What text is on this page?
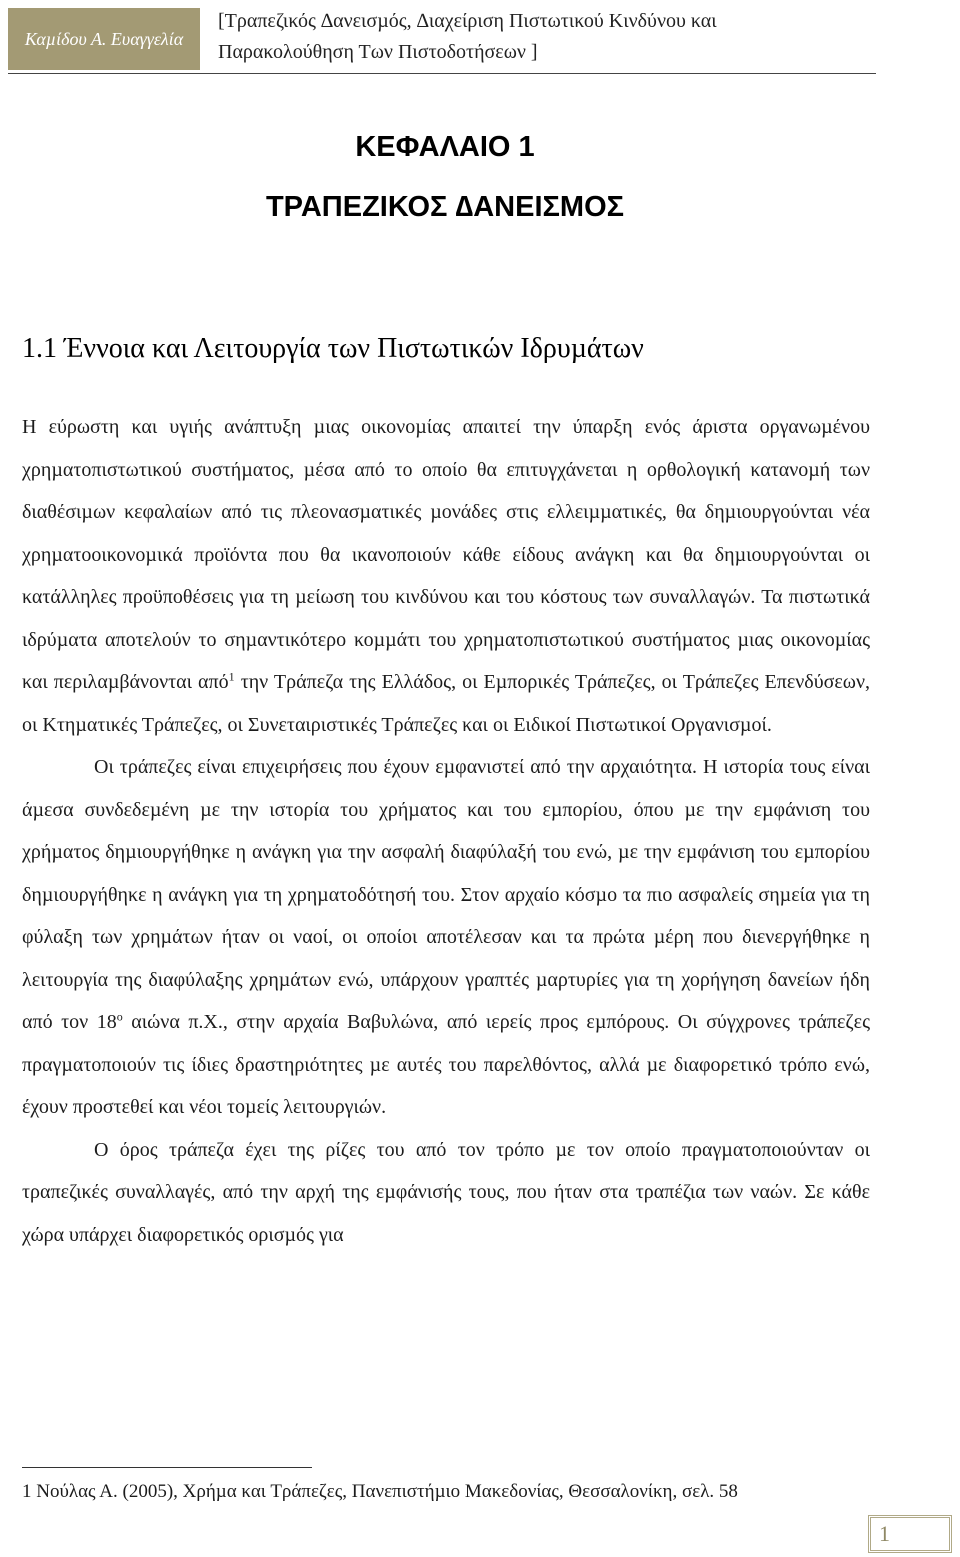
Καµίδου Α. Ευαγγελία
[Τραπεζικός ∆ανεισµός, ∆ιαχείριση Πιστωτικού Κινδύνου και
Παρακολούθηση Των Πιστοδοτήσεων ]
ΚΕΦΑΛΑΙΟ 1
ΤΡΑΠΕΖΙΚΟΣ ∆ΑΝΕΙΣΜΟΣ
1.1 Έννοια και Λειτουργία των Πιστωτικών Ιδρυµάτων

Η εύρωστη και υγιής ανάπτυξη µιας οικονοµίας απαιτεί την ύπαρξη ενός άριστα οργανωµένου χρηµατοπιστωτικού συστήµατος, µέσα από το οποίο θα επιτυγχάνεται η ορθολογική κατανοµή των διαθέσιµων κεφαλαίων από τις πλεονασµατικές µονάδες στις ελλειµµατικές, θα δηµιουργούνται νέα χρηµατοοικονοµικά προϊόντα που θα ικανοποιούν κάθε είδους ανάγκη και θα δηµιουργούνται οι κατάλληλες προϋποθέσεις για τη µείωση του κινδύνου και του κόστους των συναλλαγών. Τα πιστωτικά ιδρύµατα αποτελούν το σηµαντικότερο κοµµάτι του χρηµατοπιστωτικού συστήµατος µιας οικονοµίας και περιλαµβάνονται από$^1$ την Τράπεζα της Ελλάδος, οι Εµπορικές Τράπεζες, οι Τράπεζες Επενδύσεων, οι Κτηµατικές Τράπεζες, οι Συνεταιριστικές Τράπεζες και οι Ειδικοί Πιστωτικοί Οργανισµοί.

Οι τράπεζες είναι επιχειρήσεις που έχουν εµφανιστεί από την αρχαιότητα. Η ιστορία τους είναι άµεσα συνδεδεµένη µε την ιστορία του χρήµατος και του εµπορίου, όπου µε την εµφάνιση του χρήµατος δηµιουργήθηκε η ανάγκη για την ασφαλή διαφύλαξή του ενώ, µε την εµφάνιση του εµπορίου δηµιουργήθηκε η ανάγκη για τη χρηµατοδότησή του. Στον αρχαίο κόσµο τα πιο ασφαλείς σηµεία για τη φύλαξη των χρηµάτων ήταν οι ναοί, οι οποίοι αποτέλεσαν και τα πρώτα µέρη που διενεργήθηκε η λειτουργία της διαφύλαξης χρηµάτων ενώ, υπάρχουν γραπτές µαρτυρίες για τη χορήγηση δανείων ήδη από τον $18^o$ αιώνα π.Χ., στην αρχαία Βαβυλώνα, από ιερείς προς εµπόρους. Οι σύγχρονες τράπεζες πραγµατοποιούν τις ίδιες δραστηριότητες µε αυτές του παρελθόντος, αλλά µε διαφορετικό τρόπο ενώ, έχουν προστεθεί και νέοι τοµείς λειτουργιών.

Ο όρος τράπεζα έχει της ρίζες του από τον τρόπο µε τον οποίο πραγµατοποιούνταν οι τραπεζικές συναλλαγές, από την αρχή της εµφάνισής τους, που ήταν στα τραπέζια των ναών. Σε κάθε χώρα υπάρχει διαφορετικός ορισµός για

1 Νούλας Α. (2005), Χρήµα και Τράπεζες, Πανεπιστήµιο Μακεδονίας, Θεσσαλονίκη, σελ. 58
1
